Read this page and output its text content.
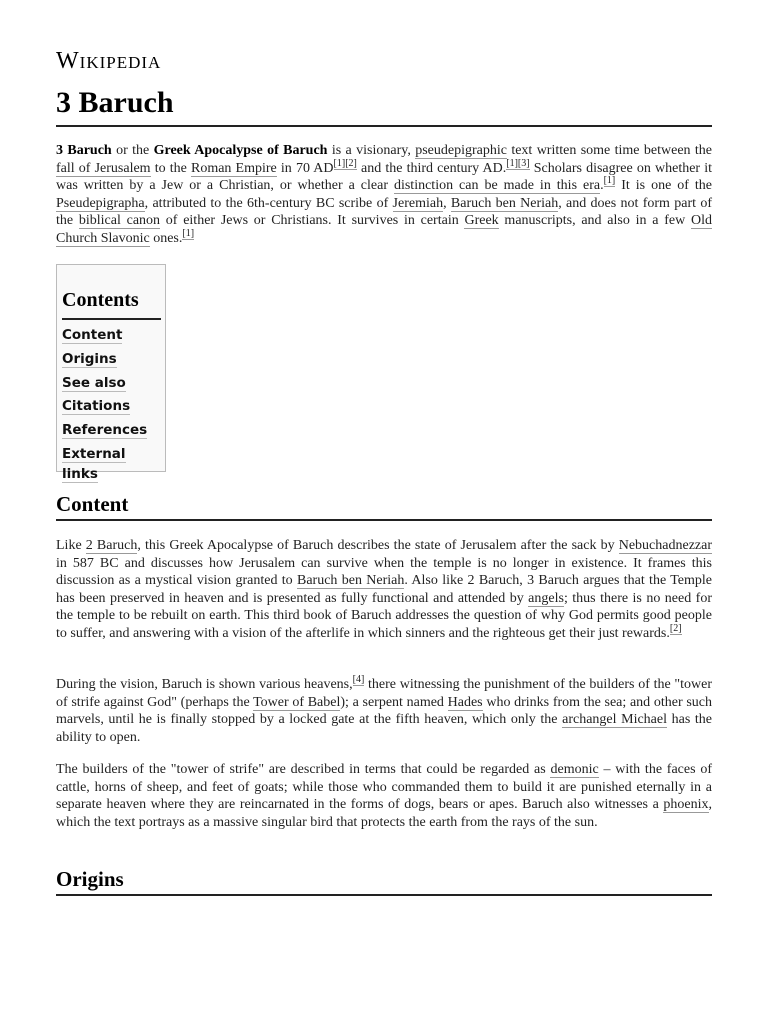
Wikipedia
3 Baruch

3 Baruch or the Greek Apocalypse of Baruch is a visionary, pseudepigraphic text written some time between the fall of Jerusalem to the Roman Empire in 70 AD[1][2] and the third century AD.[1][3] Scholars disagree on whether it was written by a Jew or a Christian, or whether a clear distinction can be made in this era.[1] It is one of the Pseudepigrapha, attributed to the 6th-century BC scribe of Jeremiah, Baruch ben Neriah, and does not form part of the biblical canon of either Jews or Christians. It survives in certain Greek manuscripts, and also in a few Old Church Slavonic ones.[1]

Contents
Content
Origins
See also
Citations
References
External links
Content

Like 2 Baruch, this Greek Apocalypse of Baruch describes the state of Jerusalem after the sack by Nebuchadnezzar in 587 BC and discusses how Jerusalem can survive when the temple is no longer in existence. It frames this discussion as a mystical vision granted to Baruch ben Neriah. Also like 2 Baruch, 3 Baruch argues that the Temple has been preserved in heaven and is presented as fully functional and attended by angels; thus there is no need for the temple to be rebuilt on earth. This third book of Baruch addresses the question of why God permits good people to suffer, and answering with a vision of the afterlife in which sinners and the righteous get their just rewards.[2]

During the vision, Baruch is shown various heavens,[4] there witnessing the punishment of the builders of the "tower of strife against God" (perhaps the Tower of Babel); a serpent named Hades who drinks from the sea; and other such marvels, until he is finally stopped by a locked gate at the fifth heaven, which only the archangel Michael has the ability to open.

The builders of the "tower of strife" are described in terms that could be regarded as demonic – with the faces of cattle, horns of sheep, and feet of goats; while those who commanded them to build it are punished eternally in a separate heaven where they are reincarnated in the forms of dogs, bears or apes. Baruch also witnesses a phoenix, which the text portrays as a massive singular bird that protects the earth from the rays of the sun.

Origins
